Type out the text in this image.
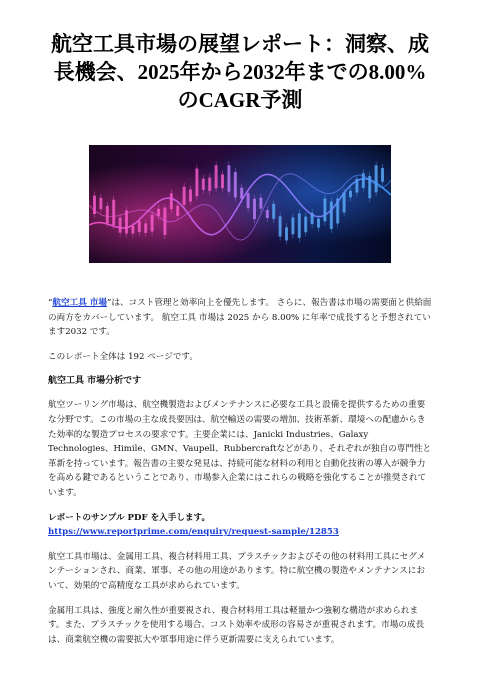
航空工具市場の展望レポート：洞察、成長機会、2025年から2032年までの8.00%のCAGR予測

“航空工具 市場”は、コスト管理と効率向上を優先します。 さらに、報告書は市場の需要面と供給面の両方をカバーしています。 航空工具 市場は 2025 から 8.00% に年率で成長すると予想されています2032 です。

このレポート全体は 192 ページです。

航空工具 市場分析です

航空ツーリング市場は、航空機製造およびメンテナンスに必要な工具と設備を提供するための重要な分野です。この市場の主な成長要因は、航空輸送の需要の増加、技術革新、環境への配慮からきた効率的な製造プロセスの要求です。主要企業には、Janicki Industries、Galaxy Technologies、Himile、GMN、Vaupell、Rubbercraftなどがあり、それぞれが独自の専門性と革新を持っています。報告書の主要な発見は、持続可能な材料の利用と自動化技術の導入が競争力を高める鍵であるということであり、市場参入企業にはこれらの戦略を強化することが推奨されています。

レポートのサンプル PDF を入手します。  https://www.reportprime.com/enquiry/request-sample/12853

航空工具市場は、金属用工具、複合材料用工具、プラスチックおよびその他の材料用工具にセグメンテーションされ、商業、軍事、その他の用途があります。特に航空機の製造やメンテナンスにおいて、効果的で高精度な工具が求められています。

金属用工具は、強度と耐久性が重要視され、複合材料用工具は軽量かつ強靭な構造が求められます。また、プラスチックを使用する場合、コスト効率や成形の容易さが重視されます。市場の成長は、商業航空機の需要拡大や軍事用途に伴う更新需要に支えられています。
